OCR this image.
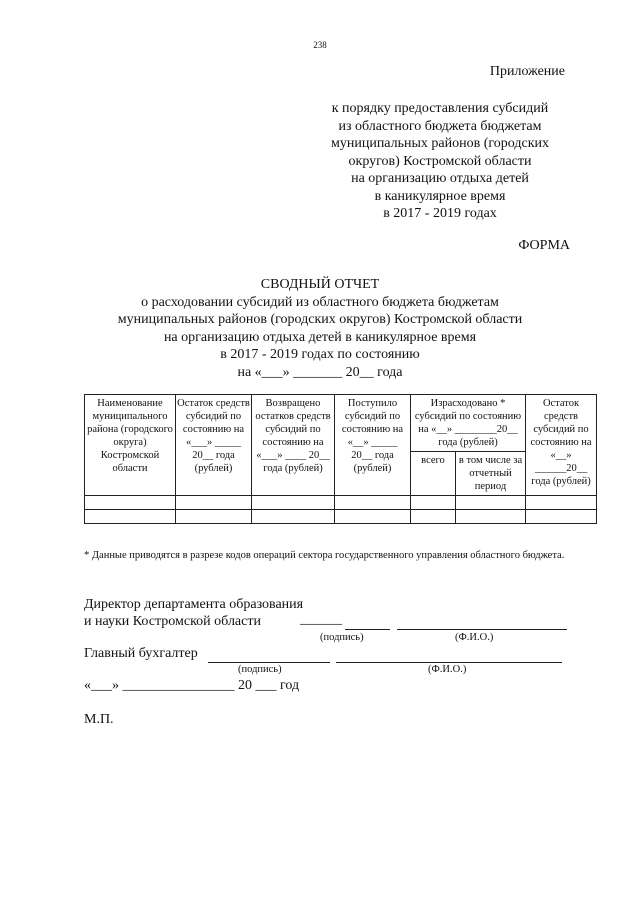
238
Приложение
к порядку предоставления субсидий
из областного бюджета бюджетам
муниципальных районов (городских
округов) Костромской области
на организацию отдыха детей
в каникулярное время
в 2017 - 2019 годах
ФОРМА
СВОДНЫЙ ОТЧЕТ
о расходовании субсидий из областного бюджета бюджетам
муниципальных районов (городских округов) Костромской области
на организацию отдыха детей в каникулярное время
в 2017 - 2019 годах по состоянию
на «___» _______ 20__ года
Наименование муниципального района (городского округа) Костромской области	Остаток средств субсидий по состоянию на «___» _____ 20__ года (рублей)	Возвращено остатков средств субсидий по состоянию на «___» ____ 20__ года (рублей)	Поступило субсидий по состоянию на «__» _____ 20__ года (рублей)	Израсходовано * субсидий по состоянию на «__» ________20__ года (рублей)		Остаток средств субсидий по состоянию на «__» ______20__ года (рублей)
				всего	в том числе за отчетный период	

* Данные приводятся в разрезе кодов операций сектора государственного управления областного бюджета.
Директор департамента образования
и науки Костромской области	______
(подпись)	(Ф.И.О.)
Главный бухгалтер
(подпись)	(Ф.И.О.)
«___» ________________ 20 ___ год
М.П.
